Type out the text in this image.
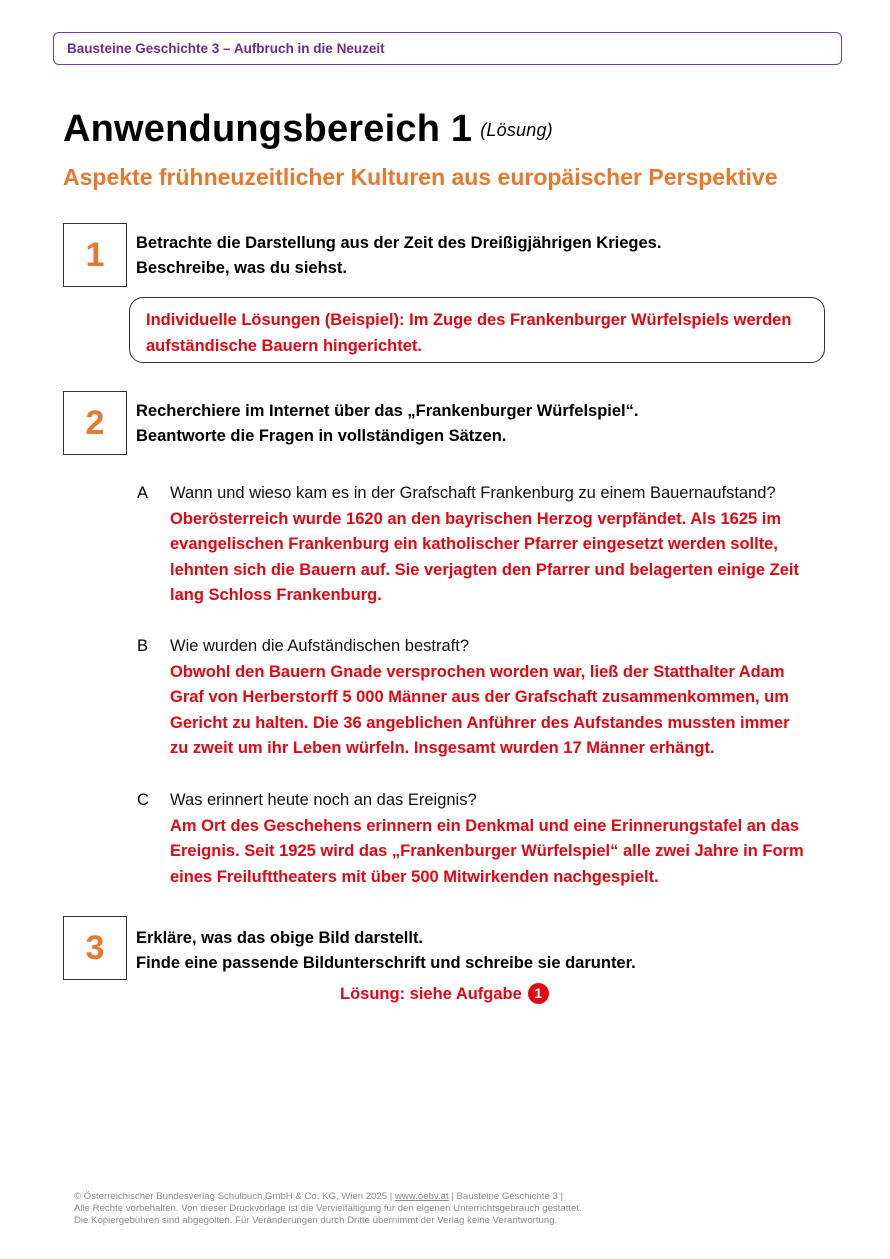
Bausteine Geschichte 3 – Aufbruch in die Neuzeit
Anwendungsbereich 1 $^{(Lösung)}$
Aspekte frühneuzeitlicher Kulturen aus europäischer Perspektive
1	Betrachte die Darstellung aus der Zeit des Dreißigjährigen Krieges.
Beschreibe, was du siehst.
Individuelle Lösungen (Beispiel): Im Zuge des Frankenburger Würfelspiels werden
aufständische Bauern hingerichtet.
2	Recherchiere im Internet über das „Frankenburger Würfelspiel“.
Beantworte die Fragen in vollständigen Sätzen.
A Wann und wieso kam es in der Grafschaft Frankenburg zu einem Bauernaufstand?
Oberösterreich wurde 1620 an den bayrischen Herzog verpfändet. Als 1625 im
evangelischen Frankenburg ein katholischer Pfarrer eingesetzt werden sollte,
lehnten sich die Bauern auf. Sie verjagten den Pfarrer und belagerten einige Zeit
lang Schloss Frankenburg.
B Wie wurden die Aufständischen bestraft?
Obwohl den Bauern Gnade versprochen worden war, ließ der Statthalter Adam
Graf von Herberstorff 5 000 Männer aus der Grafschaft zusammenkommen, um
Gericht zu halten. Die 36 angeblichen Anführer des Aufstandes mussten immer
zu zweit um ihr Leben würfeln. Insgesamt wurden 17 Männer erhängt.
C Was erinnert heute noch an das Ereignis?
Am Ort des Geschehens erinnern ein Denkmal und eine Erinnerungstafel an das
Ereignis. Seit 1925 wird das „Frankenburger Würfelspiel“ alle zwei Jahre in Form
eines Freilufttheaters mit über 500 Mitwirkenden nachgespielt.
3	Erkläre, was das obige Bild darstellt.
Finde eine passende Bildunterschrift und schreibe sie darunter.
Lösung: siehe Aufgabe 1
© Österreichischer Bundesverlag Schulbuch GmbH & Co. KG, Wien 2025 | www.oebv.at | Bausteine Geschichte 3 |
Alle Rechte vorbehalten. Von dieser Druckvorlage ist die Vervielfältigung für den eigenen Unterrichtsgebrauch gestattet.
Die Kopiergebühren sind abgegolten. Für Veränderungen durch Dritte übernimmt der Verlag keine Verantwortung.
